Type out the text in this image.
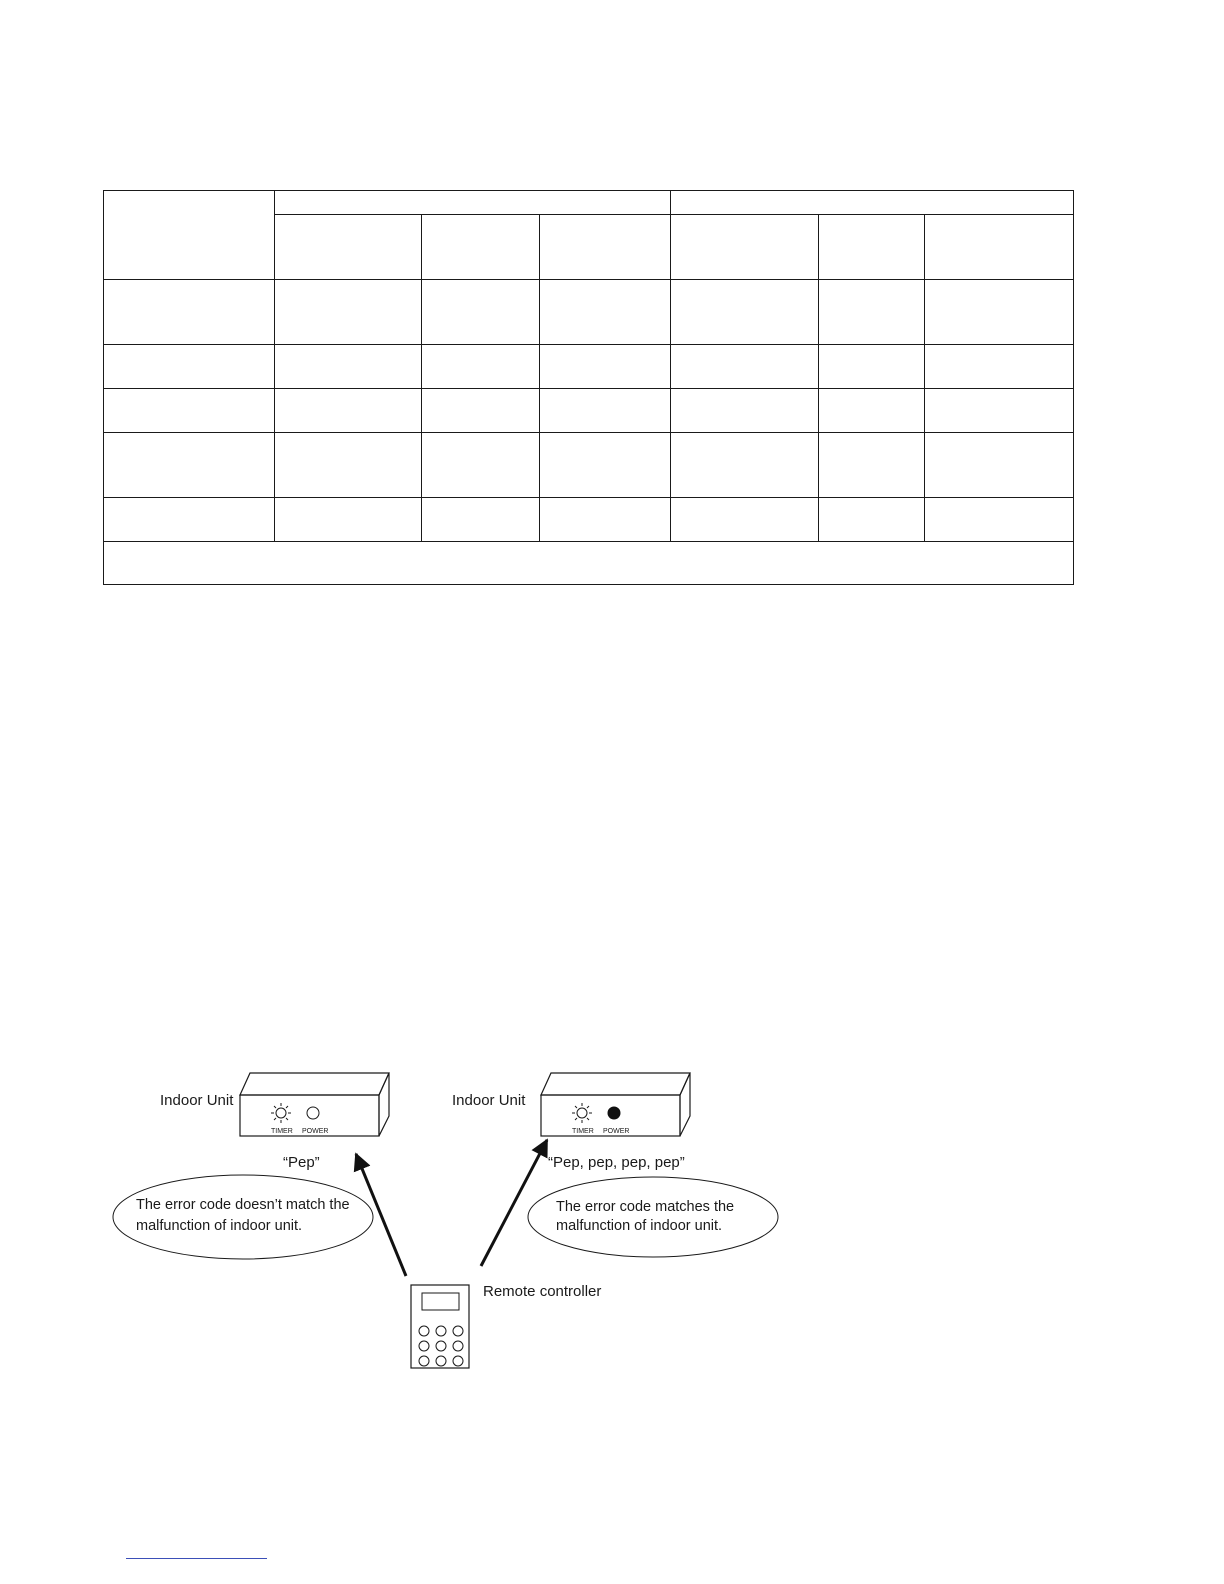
Indoor Unit
TIMER POWER
“Pep”
The error code doesn’t match the
malfunction of indoor unit.
Indoor Unit
TIMER POWER
“Pep, pep, pep, pep”
The error code matches the
malfunction of indoor unit.
Remote controller
